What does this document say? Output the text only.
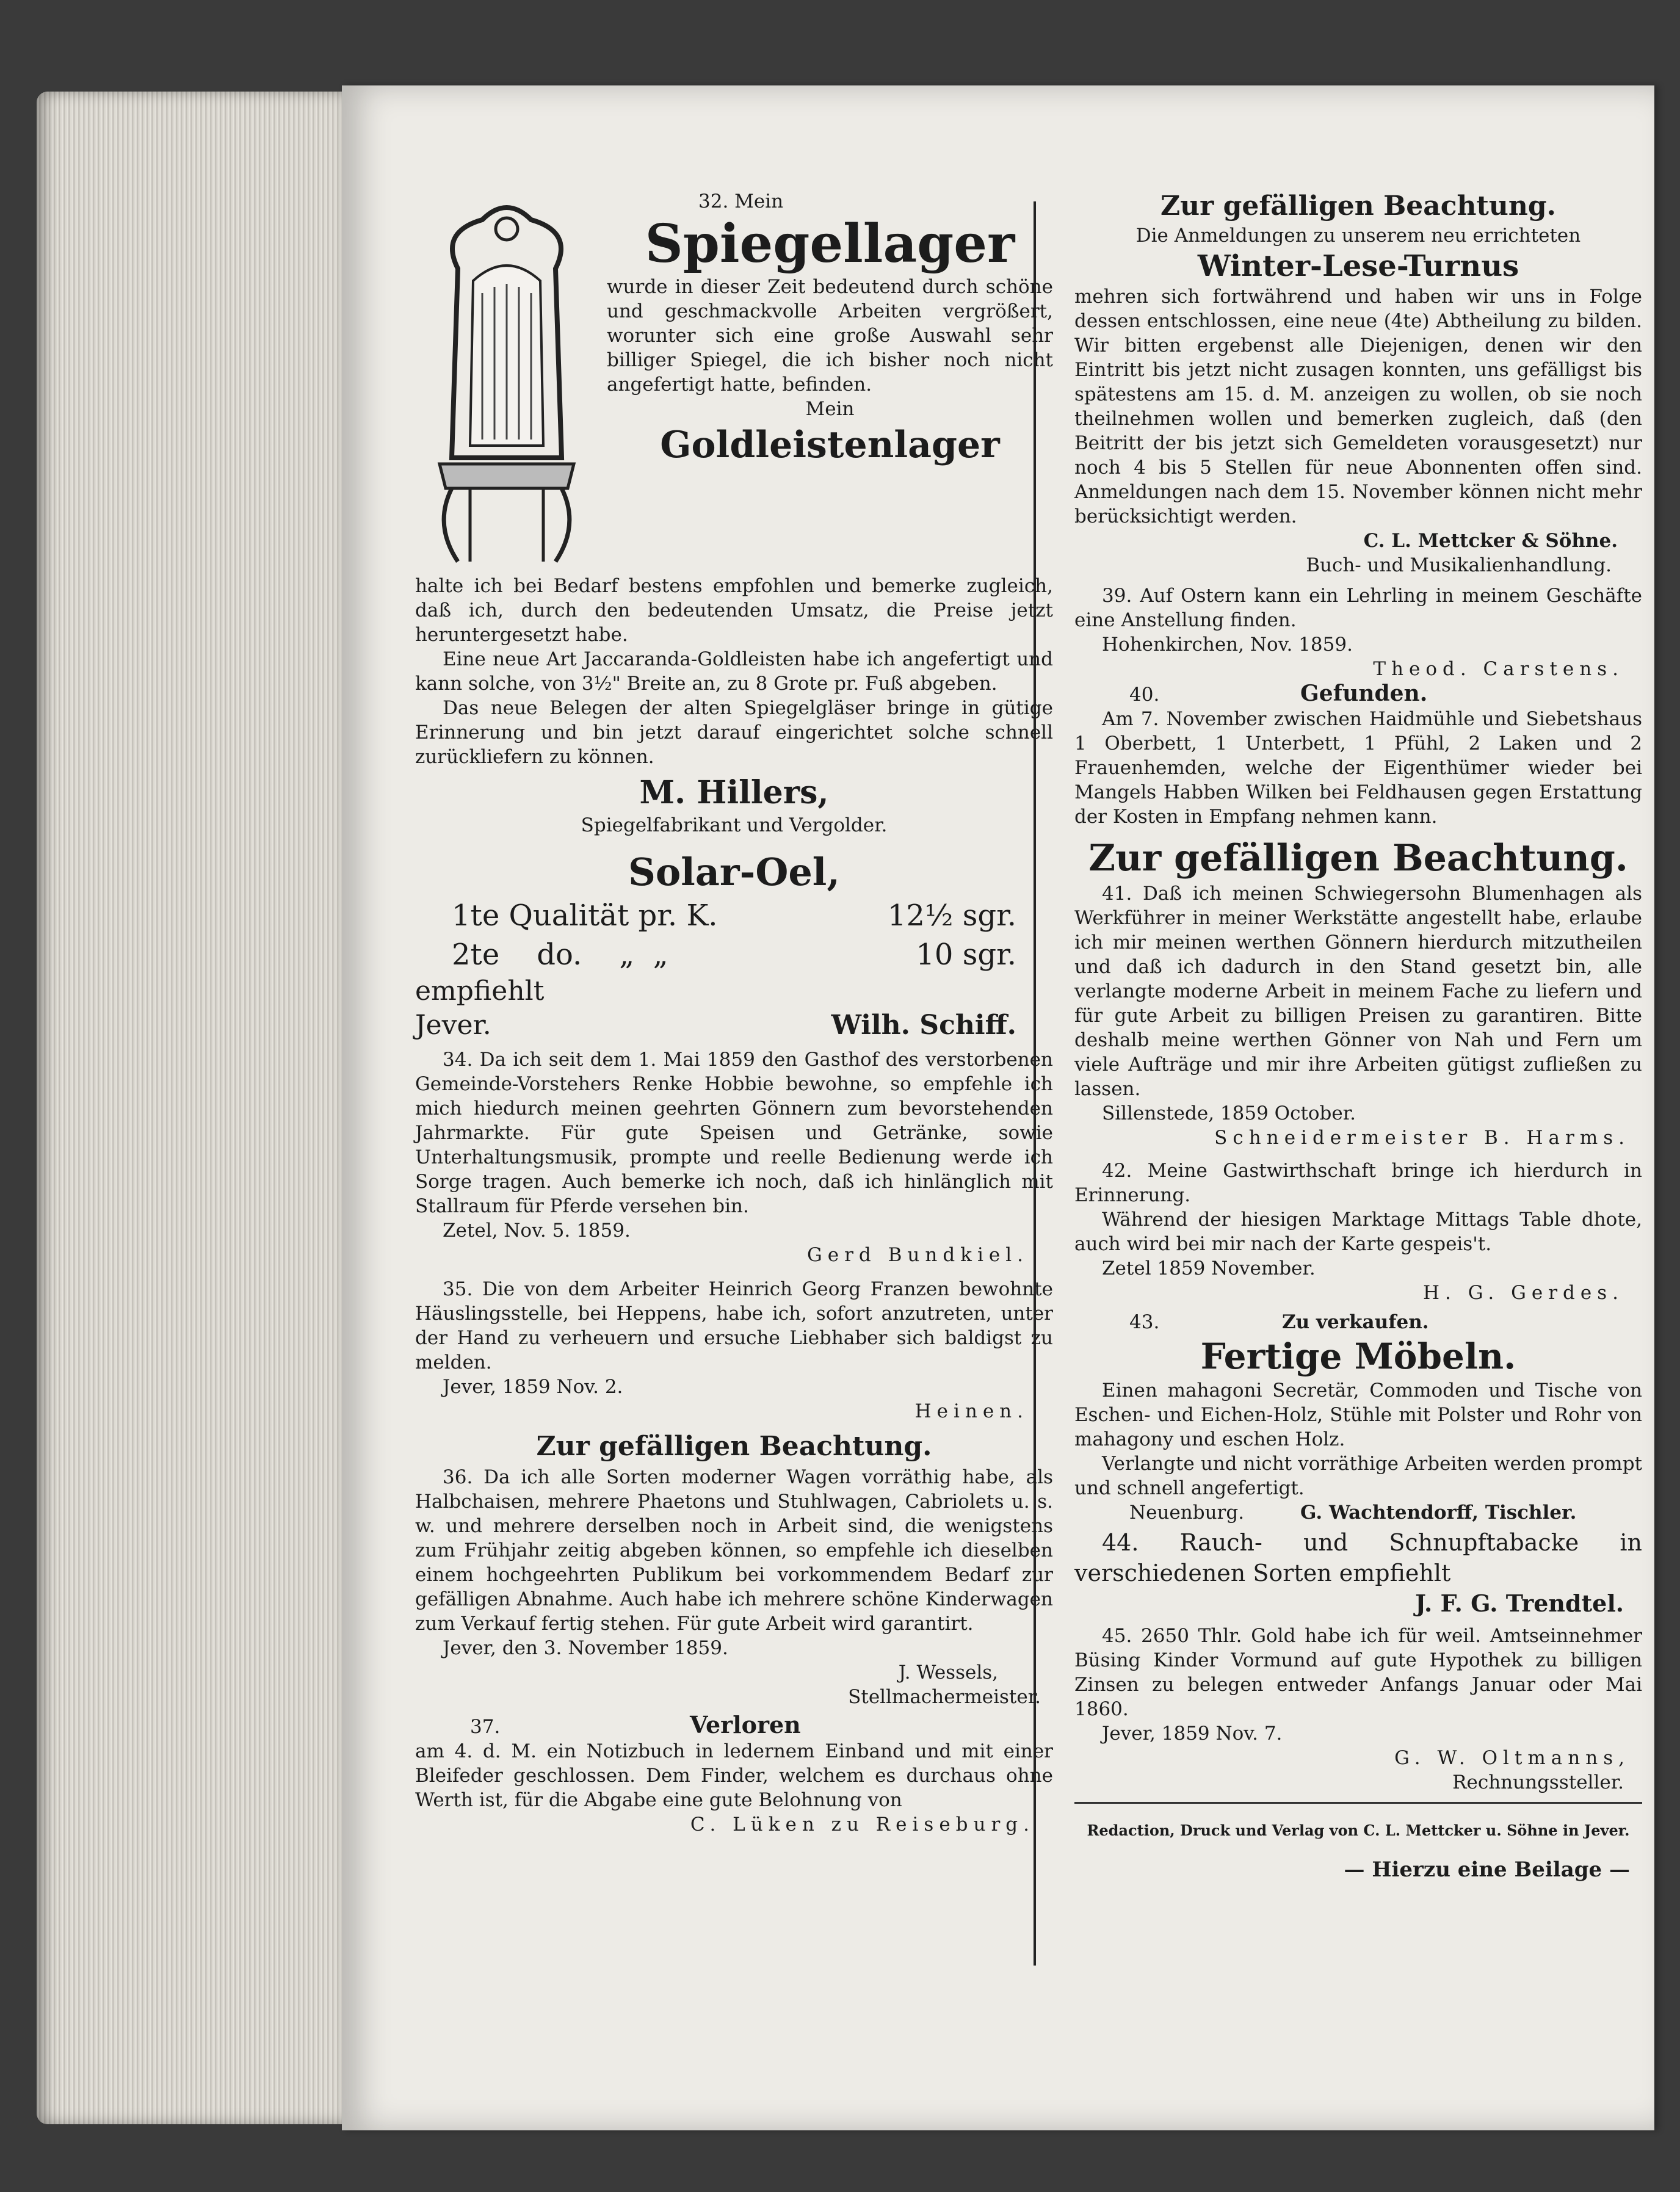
32. Mein

Spiegellager

wurde in dieser Zeit bedeutend durch schöne und geschmackvolle Arbeiten vergrößert, worunter sich eine große Auswahl sehr billiger Spiegel, die ich bisher noch nicht angefertigt hatte, befinden.

Mein

Goldleistenlager

halte ich bei Bedarf bestens empfohlen und bemerke zugleich, daß ich, durch den bedeutenden Umsatz, die Preise jetzt heruntergesetzt habe.

Eine neue Art Jaccaranda-Goldleisten habe ich angefertigt und kann solche, von 3½" Breite an, zu 8 Grote pr. Fuß abgeben.

Das neue Belegen der alten Spiegelgläser bringe in gütige Erinnerung und bin jetzt darauf eingerichtet solche schnell zurückliefern zu können.

M. Hillers,

Spiegelfabrikant und Vergolder.

Solar-Oel,

1te Qualität pr. K.	12½ sgr.
2te    do.    „  „	10 sgr.

empfiehlt

Jever.	Wilh. Schiff.

34. Da ich seit dem 1. Mai 1859 den Gasthof des verstorbenen Gemeinde-Vorstehers Renke Hobbie bewohne, so empfehle ich mich hiedurch meinen geehrten Gönnern zum bevorstehenden Jahrmarkte. Für gute Speisen und Getränke, sowie Unterhaltungsmusik, prompte und reelle Bedienung werde ich Sorge tragen. Auch bemerke ich noch, daß ich hinlänglich mit Stallraum für Pferde versehen bin.

Zetel, Nov. 5. 1859.

Gerd Bundkiel.

35. Die von dem Arbeiter Heinrich Georg Franzen bewohnte Häuslingsstelle, bei Heppens, habe ich, sofort anzutreten, unter der Hand zu verheuern und ersuche Liebhaber sich baldigst zu melden.

Jever, 1859 Nov. 2.

Heinen.

Zur gefälligen Beachtung.

36. Da ich alle Sorten moderner Wagen vorräthig habe, als Halbchaisen, mehrere Phaetons und Stuhlwagen, Cabriolets u. s. w. und mehrere derselben noch in Arbeit sind, die wenigstens zum Frühjahr zeitig abgeben können, so empfehle ich dieselben einem hochgeehrten Publikum bei vorkommendem Bedarf zur gefälligen Abnahme. Auch habe ich mehrere schöne Kinderwagen zum Verkauf fertig stehen. Für gute Arbeit wird garantirt.

Jever, den 3. November 1859.

J. Wessels,

Stellmachermeister.

37.	Verloren

am 4. d. M. ein Notizbuch in ledernem Einband und mit einer Bleifeder geschlossen. Dem Finder, welchem es durchaus ohne Werth ist, für die Abgabe eine gute Belohnung von

C. Lüken zu Reiseburg.

Zur gefälligen Beachtung.

Die Anmeldungen zu unserem neu errichteten

Winter-Lese-Turnus

mehren sich fortwährend und haben wir uns in Folge dessen entschlossen, eine neue (4te) Abtheilung zu bilden. Wir bitten ergebenst alle Diejenigen, denen wir den Eintritt bis jetzt nicht zusagen konnten, uns gefälligst bis spätestens am 15. d. M. anzeigen zu wollen, ob sie noch theilnehmen wollen und bemerken zugleich, daß (den Beitritt der bis jetzt sich Gemeldeten vorausgesetzt) nur noch 4 bis 5 Stellen für neue Abonnenten offen sind. Anmeldungen nach dem 15. November können nicht mehr berücksichtigt werden.

C. L. Mettcker & Söhne.

Buch- und Musikalienhandlung.

39. Auf Ostern kann ein Lehrling in meinem Geschäfte eine Anstellung finden.

Hohenkirchen, Nov. 1859.

Theod. Carstens.

40.	Gefunden.

Am 7. November zwischen Haidmühle und Siebetshaus 1 Oberbett, 1 Unterbett, 1 Pfühl, 2 Laken und 2 Frauenhemden, welche der Eigenthümer wieder bei Mangels Habben Wilken bei Feldhausen gegen Erstattung der Kosten in Empfang nehmen kann.

Zur gefälligen Beachtung.

41. Daß ich meinen Schwiegersohn Blumenhagen als Werkführer in meiner Werkstätte angestellt habe, erlaube ich mir meinen werthen Gönnern hierdurch mitzutheilen und daß ich dadurch in den Stand gesetzt bin, alle verlangte moderne Arbeit in meinem Fache zu liefern und für gute Arbeit zu billigen Preisen zu garantiren. Bitte deshalb meine werthen Gönner von Nah und Fern um viele Aufträge und mir ihre Arbeiten gütigst zufließen zu lassen.

Sillenstede, 1859 October.

Schneidermeister B. Harms.

42. Meine Gastwirthschaft bringe ich hierdurch in Erinnerung.

Während der hiesigen Marktage Mittags Table dhote, auch wird bei mir nach der Karte gespeis't.

Zetel 1859 November.

H. G. Gerdes.

43.	Zu verkaufen.

Fertige Möbeln.

Einen mahagoni Secretär, Commoden und Tische von Eschen- und Eichen-Holz, Stühle mit Polster und Rohr von mahagony und eschen Holz.

Verlangte und nicht vorräthige Arbeiten werden prompt und schnell angefertigt.

Neuenburg.	G. Wachtendorff, Tischler.

44. Rauch- und Schnupftabacke in verschiedenen Sorten empfiehlt

J. F. G. Trendtel.

45. 2650 Thlr. Gold habe ich für weil. Amtseinnehmer Büsing Kinder Vormund auf gute Hypothek zu billigen Zinsen zu belegen entweder Anfangs Januar oder Mai 1860.

Jever, 1859 Nov. 7.

G. W. Oltmanns,

Rechnungssteller.

Redaction, Druck und Verlag von C. L. Mettcker u. Söhne in Jever.

— Hierzu eine Beilage —
